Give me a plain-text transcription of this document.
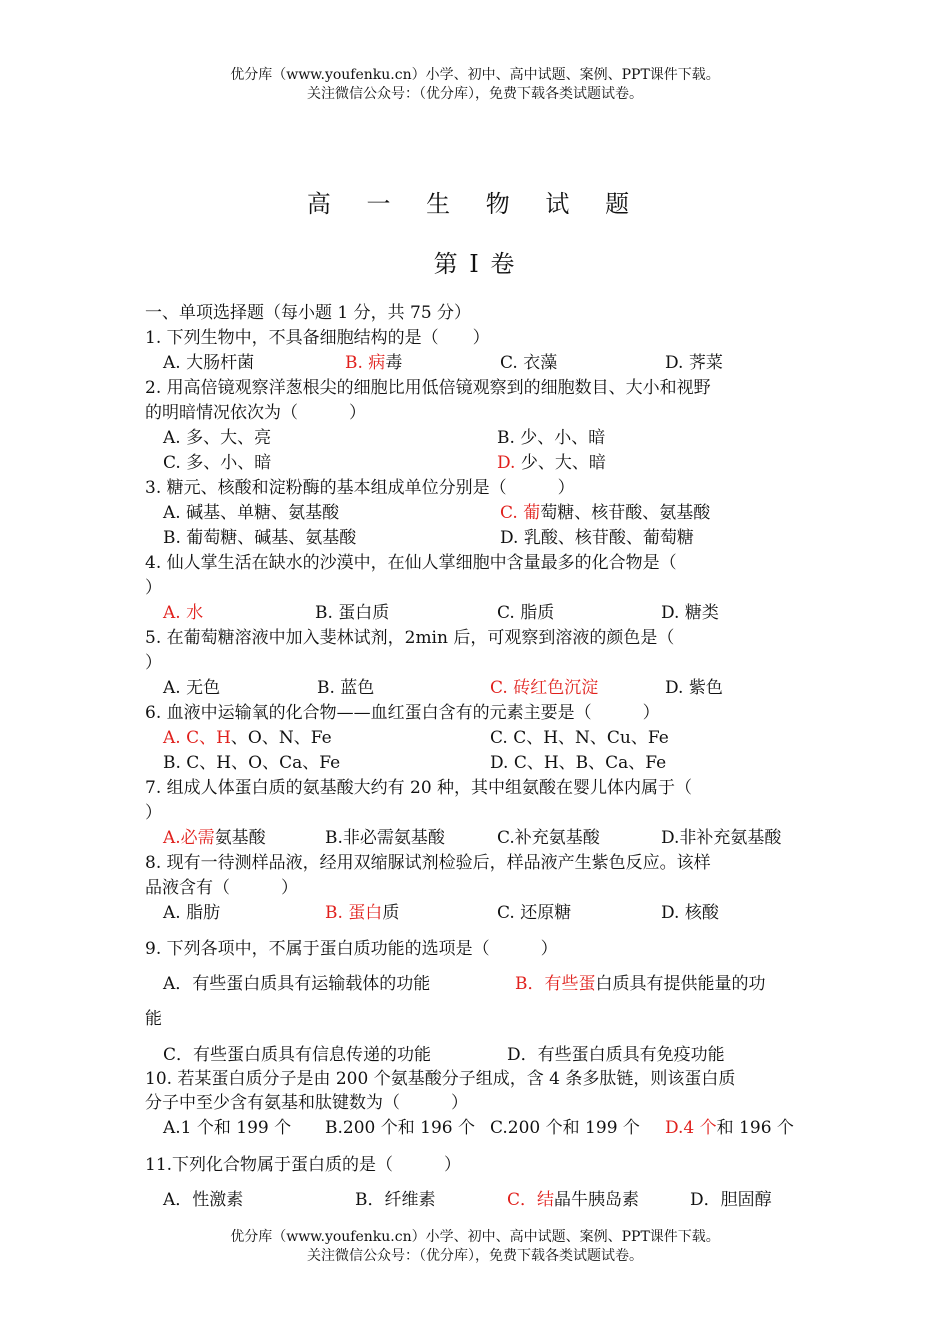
优分库（www.youfenku.cn）小学、初中、高中试题、案例、PPT课件下载。
关注微信公众号：（优分库），免费下载各类试题试卷。
高 一 生 物 试 题
第 I 卷
一、单项选择题（每小题 1 分，共 75 分）
1. 下列生物中，不具备细胞结构的是（　　）
A. 大肠杆菌	B. 病毒	C. 衣藻	D. 荠菜
2. 用高倍镜观察洋葱根尖的细胞比用低倍镜观察到的细胞数目、大小和视野
的明暗情况依次为（　　　）
A. 多、大、亮	B. 少、小、暗
C. 多、小、暗	D. 少、大、暗
3. 糖元、核酸和淀粉酶的基本组成单位分别是（　　　）
A. 碱基、单糖、氨基酸	C. 葡萄糖、核苷酸、氨基酸
B. 葡萄糖、碱基、氨基酸	D. 乳酸、核苷酸、葡萄糖
4. 仙人掌生活在缺水的沙漠中，在仙人掌细胞中含量最多的化合物是（
）
A. 水	B. 蛋白质	C. 脂质	D. 糖类
5. 在葡萄糖溶液中加入斐林试剂，2min 后，可观察到溶液的颜色是（
）
A. 无色	B. 蓝色	C. 砖红色沉淀	D. 紫色
6. 血液中运输氧的化合物——血红蛋白含有的元素主要是（　　　）
A. C、H、O、N、Fe	C. C、H、N、Cu、Fe
B. C、H、O、Ca、Fe	D. C、H、B、Ca、Fe
7. 组成人体蛋白质的氨基酸大约有 20 种，其中组氨酸在婴儿体内属于（
）
A.必需氨基酸	B.非必需氨基酸	C.补充氨基酸	D.非补充氨基酸
8. 现有一待测样品液，经用双缩脲试剂检验后，样品液产生紫色反应。该样
品液含有（　　　）
A. 脂肪	B. 蛋白质	C. 还原糖	D. 核酸
9. 下列各项中，不属于蛋白质功能的选项是（　　　）
A．有些蛋白质具有运输载体的功能	B．有些蛋白质具有提供能量的功
能
C．有些蛋白质具有信息传递的功能	D．有些蛋白质具有免疫功能
10. 若某蛋白质分子是由 200 个氨基酸分子组成，含 4 条多肽链，则该蛋白质
分子中至少含有氨基和肽键数为（　　　）
A.1 个和 199 个 B.200 个和 196 个 C.200 个和 199 个 D.4 个和 196 个
11.下列化合物属于蛋白质的是（　　　）
A．性激素	B．纤维素	C．结晶牛胰岛素	D．胆固醇
优分库（www.youfenku.cn）小学、初中、高中试题、案例、PPT课件下载。
关注微信公众号：（优分库），免费下载各类试题试卷。
